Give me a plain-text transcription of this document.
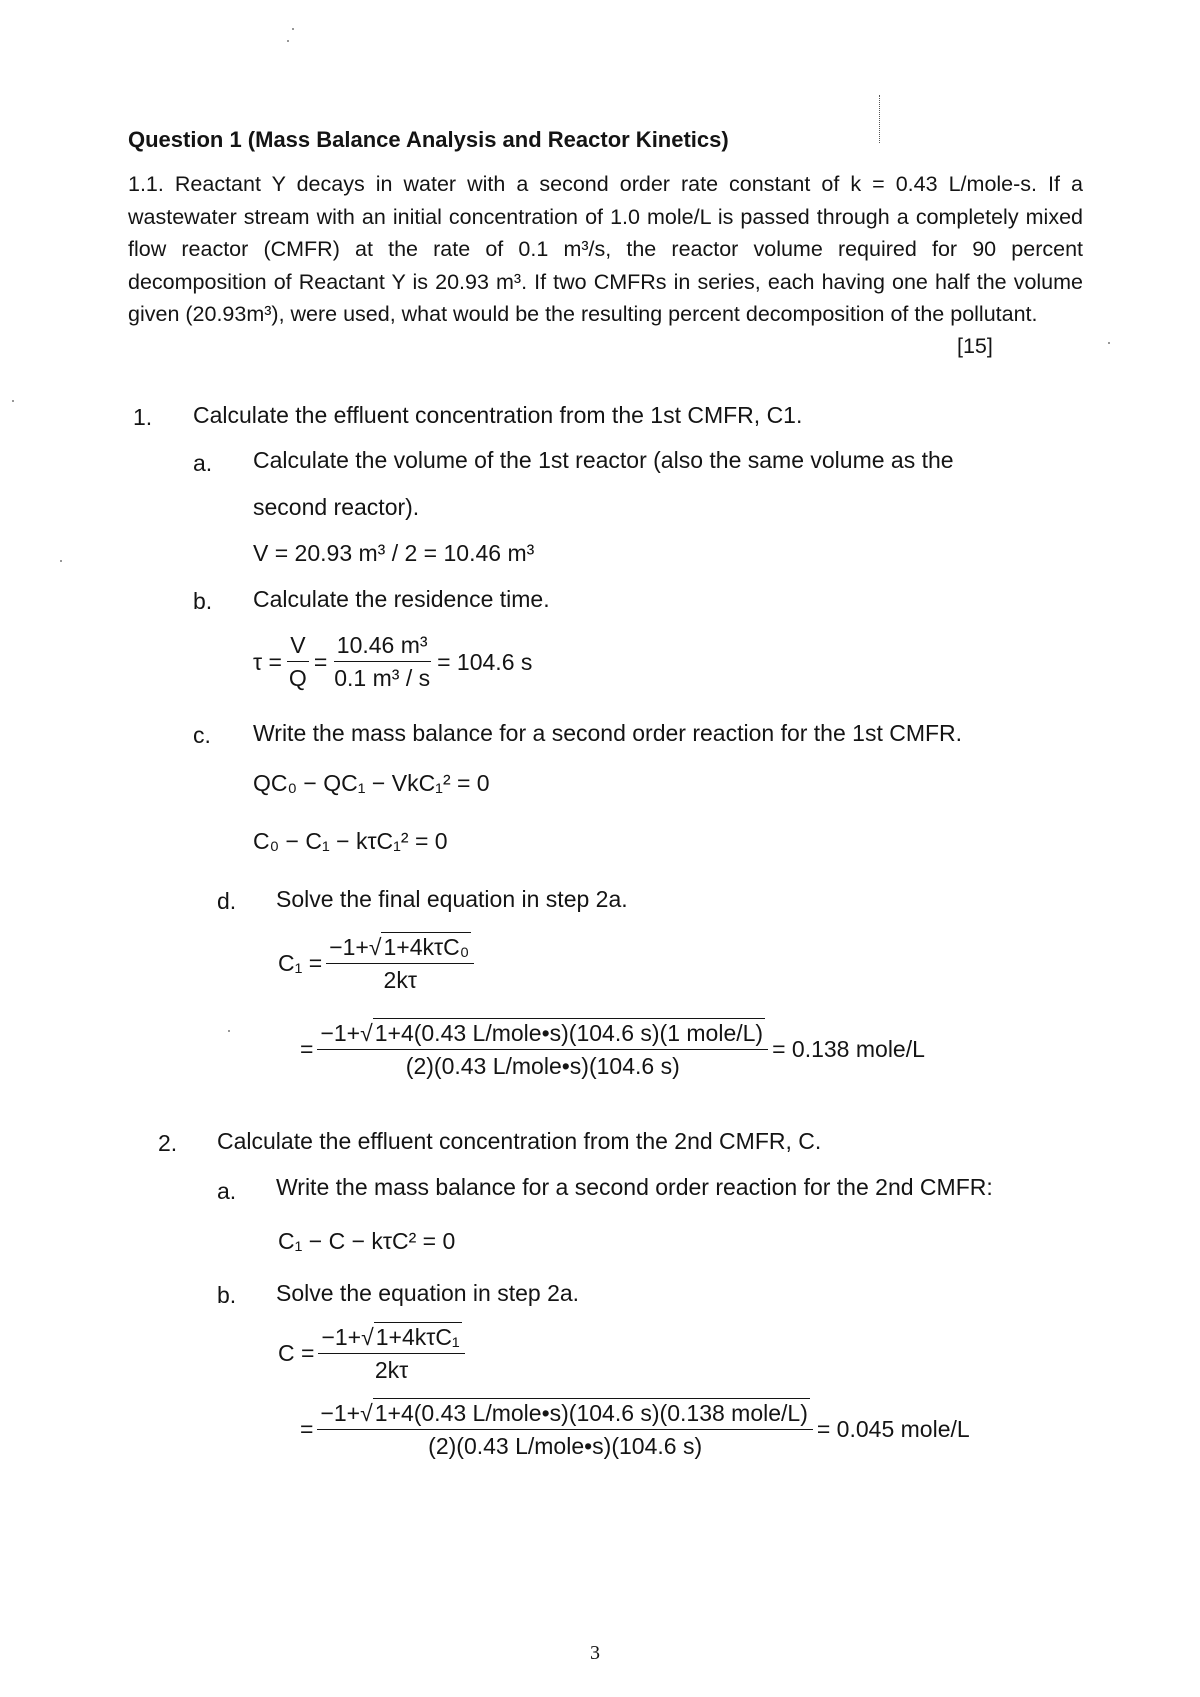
Question 1 (Mass Balance Analysis and Reactor Kinetics)
1.1. Reactant Y decays in water with a second order rate constant of k = 0.43 L/mole-s. If a wastewater stream with an initial concentration of 1.0 mole/L is passed through a completely mixed flow reactor (CMFR) at the rate of 0.1 m³/s, the reactor volume required for 90 percent decomposition of Reactant Y is 20.93 m³. If two CMFRs in series, each having one half the volume given (20.93m³), were used, what would be the resulting percent decomposition of the pollutant.
[15]
1. Calculate the effluent concentration from the 1st CMFR, C1.
a. Calculate the volume of the 1st reactor (also the same volume as the
second reactor).
V = 20.93 m³ / 2 = 10.46 m³
b. Calculate the residence time.
$\tau = \frac{V}{Q} = \frac{\text{10.46 m³}}{\text{0.1 m³ / s}} = 104.6$ s
c. Write the mass balance for a second order reaction for the 1st CMFR.
QC₀ − QC₁ − VkC₁² = 0
C₀ − C₁ − kτC₁² = 0
d. Solve the final equation in step 2a.
$C_1 = \frac{\text{−1+√1+4kτC₀}}{2k\tau}$
= $\frac{\text{−1+√1+4(0.43 L/mole•s)(104.6 s)(1 mole/L)}}{\text{(2)(0.43 L/mole•s)(104.6 s)}} = 0.138$ mole/L
2. Calculate the effluent concentration from the 2nd CMFR, C.
a. Write the mass balance for a second order reaction for the 2nd CMFR:
C₁ − C − kτC² = 0
b. Solve the equation in step 2a.
$C = \frac{\text{−1+√1+4kτC₁}}{2k\tau}$
= $\frac{\text{−1+√1+4(0.43 L/mole•s)(104.6 s)(0.138 mole/L)}}{\text{(2)(0.43 L/mole•s)(104.6 s)}} = 0.045$ mole/L
3
